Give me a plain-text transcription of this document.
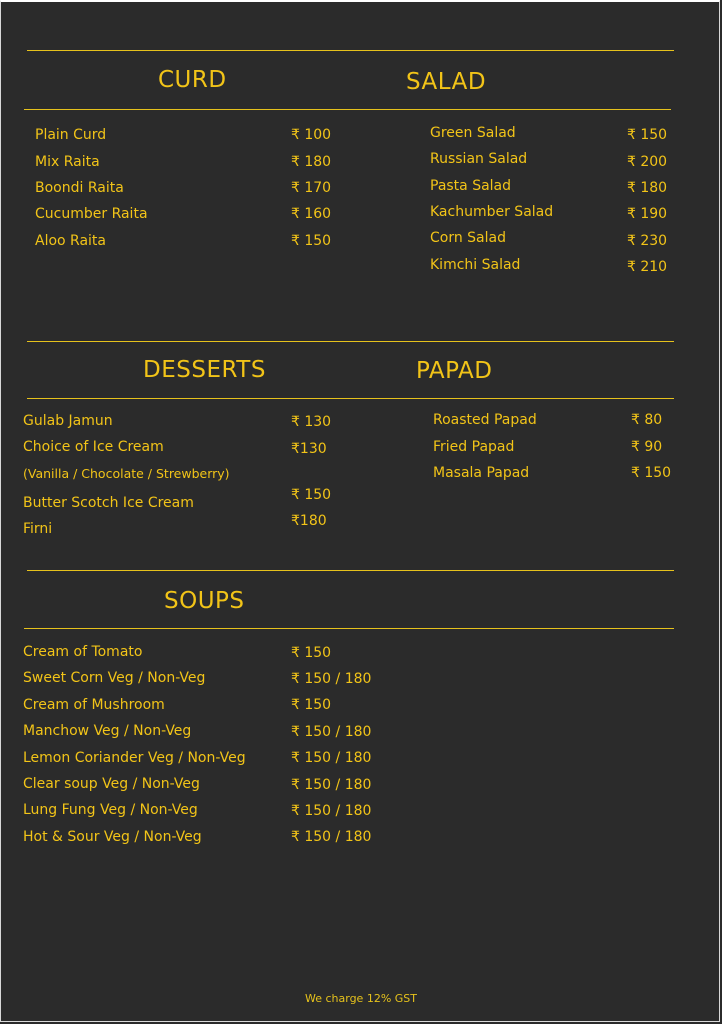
CURD	SALAD
Plain Curd	₹ 100
Mix Raita	₹ 180
Boondi Raita	₹ 170
Cucumber Raita	₹ 160
Aloo Raita	₹ 150
Green Salad	₹ 150
Russian Salad	₹ 200
Pasta Salad	₹ 180
Kachumber Salad	₹ 190
Corn Salad	₹ 230
Kimchi Salad	₹ 210
DESSERTS	PAPAD
Gulab Jamun	₹ 130
Choice of Ice Cream	₹130
(Vanilla / Chocolate / Strewberry)
Butter Scotch Ice Cream	₹ 150
Firni	₹180
Roasted Papad	₹ 80
Fried Papad	₹ 90
Masala Papad	₹ 150
SOUPS
Cream of Tomato	₹ 150
Sweet Corn Veg / Non-Veg	₹ 150 / 180
Cream of Mushroom	₹ 150
Manchow Veg / Non-Veg	₹ 150 / 180
Lemon Coriander Veg / Non-Veg	₹ 150 / 180
Clear soup Veg / Non-Veg	₹ 150 / 180
Lung Fung Veg / Non-Veg	₹ 150 / 180
Hot & Sour Veg / Non-Veg	₹ 150 / 180
We charge 12% GST
